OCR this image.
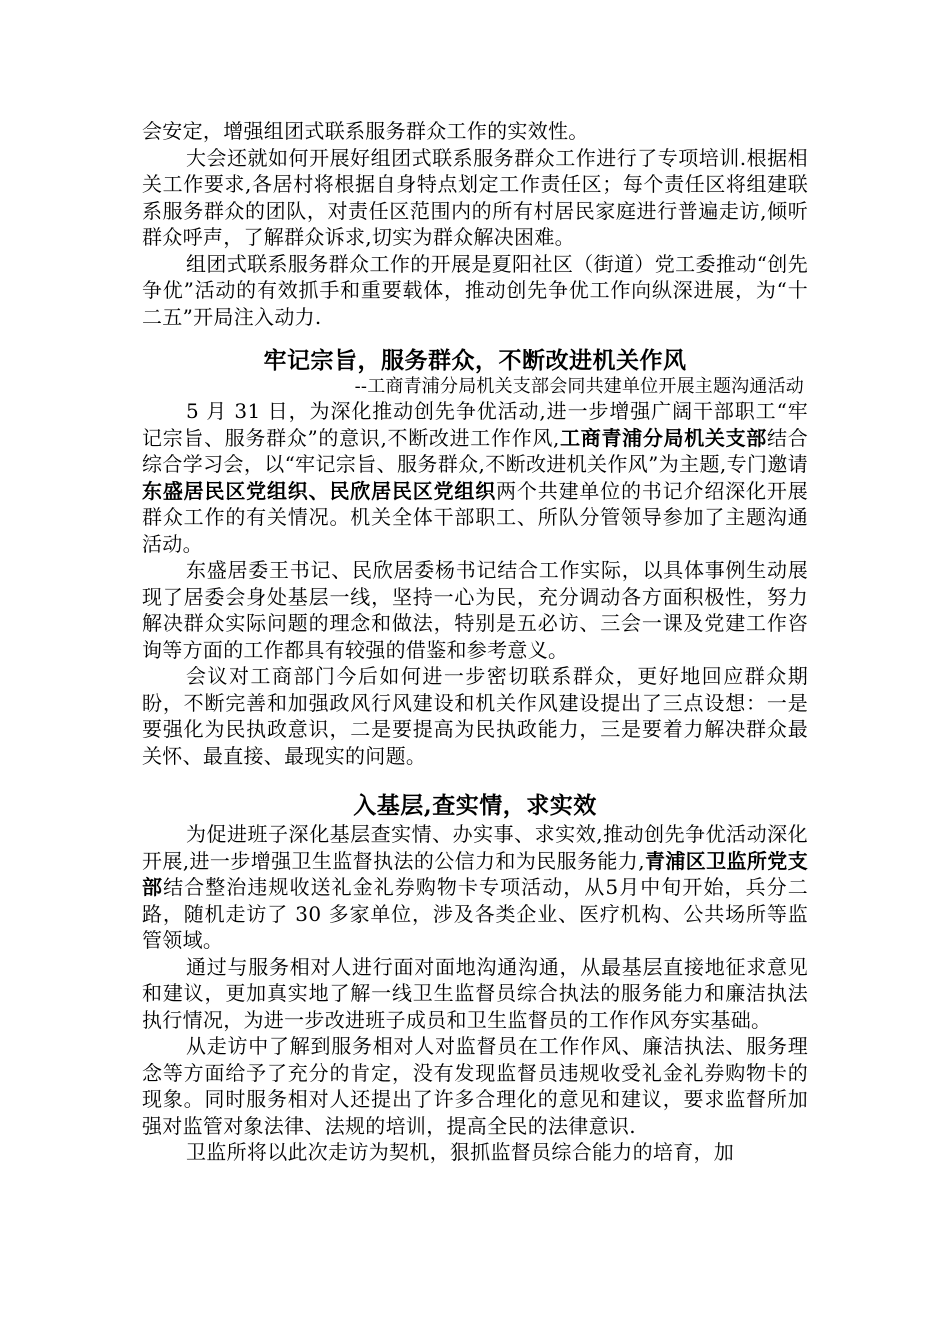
会安定，增强组团式联系服务群众工作的实效性。

大会还就如何开展好组团式联系服务群众工作进行了专项培训.根据相关工作要求,各居村将根据自身特点划定工作责任区；每个责任区将组建联系服务群众的团队，对责任区范围内的所有村居民家庭进行普遍走访,倾听群众呼声，了解群众诉求,切实为群众解决困难。

组团式联系服务群众工作的开展是夏阳社区（街道）党工委推动“创先争优”活动的有效抓手和重要载体，推动创先争优工作向纵深进展，为“十二五”开局注入动力.

牢记宗旨，服务群众，不断改进机关作风
--工商青浦分局机关支部会同共建单位开展主题沟通活动

5 月 31 日，为深化推动创先争优活动,进一步增强广阔干部职工“牢记宗旨、服务群众”的意识,不断改进工作作风,工商青浦分局机关支部结合综合学习会，以“牢记宗旨、服务群众,不断改进机关作风”为主题,专门邀请东盛居民区党组织、民欣居民区党组织两个共建单位的书记介绍深化开展群众工作的有关情况。机关全体干部职工、所队分管领导参加了主题沟通活动。

东盛居委王书记、民欣居委杨书记结合工作实际，以具体事例生动展现了居委会身处基层一线，坚持一心为民，充分调动各方面积极性，努力解决群众实际问题的理念和做法，特别是五必访、三会一课及党建工作咨询等方面的工作都具有较强的借鉴和参考意义。

会议对工商部门今后如何进一步密切联系群众，更好地回应群众期盼，不断完善和加强政风行风建设和机关作风建设提出了三点设想：一是要强化为民执政意识，二是要提高为民执政能力，三是要着力解决群众最关怀、最直接、最现实的问题。

入基层,查实情，求实效

为促进班子深化基层查实情、办实事、求实效,推动创先争优活动深化开展,进一步增强卫生监督执法的公信力和为民服务能力,青浦区卫监所党支部结合整治违规收送礼金礼券购物卡专项活动，从5月中旬开始，兵分二路，随机走访了 30 多家单位，涉及各类企业、医疗机构、公共场所等监管领域。

通过与服务相对人进行面对面地沟通沟通，从最基层直接地征求意见和建议，更加真实地了解一线卫生监督员综合执法的服务能力和廉洁执法执行情况，为进一步改进班子成员和卫生监督员的工作作风夯实基础。

从走访中了解到服务相对人对监督员在工作作风、廉洁执法、服务理念等方面给予了充分的肯定，没有发现监督员违规收受礼金礼券购物卡的现象。同时服务相对人还提出了许多合理化的意见和建议，要求监督所加强对监管对象法律、法规的培训，提高全民的法律意识.

卫监所将以此次走访为契机，狠抓监督员综合能力的培育，加
